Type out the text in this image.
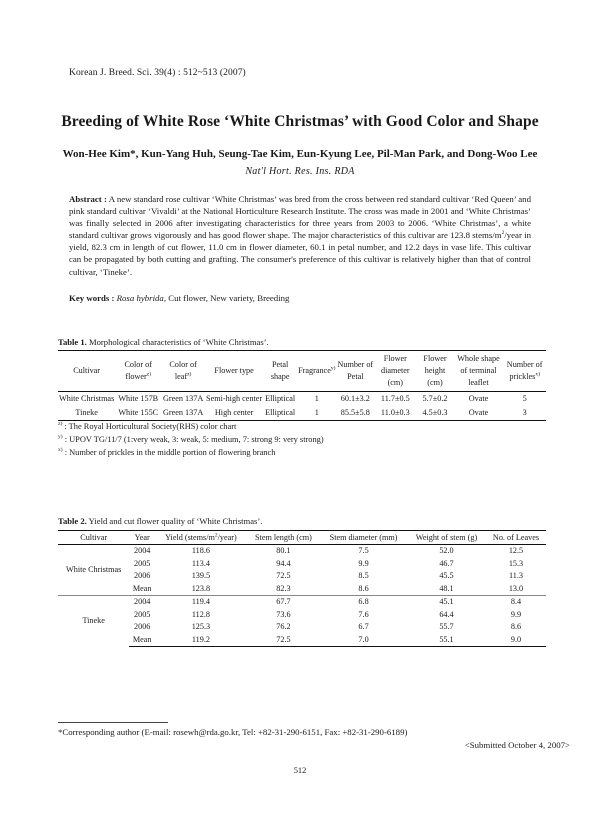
Korean J. Breed. Sci. 39(4) : 512~513 (2007)
Breeding of White Rose ‘White Christmas’ with Good Color and Shape
Won-Hee Kim*, Kun-Yang Huh, Seung-Tae Kim, Eun-Kyung Lee, Pil-Man Park, and Dong-Woo Lee
Nat'l Hort. Res. Ins. RDA
Abstract : A new standard rose cultivar ‘White Christmas’ was bred from the cross between red standard cultivar ‘Red Queen’ and pink standard cultivar ‘Vivaldi’ at the National Horticulture Research Institute. The cross was made in 2001 and ‘White Christmas’ was finally selected in 2006 after investigating characteristics for three years from 2003 to 2006. ‘White Christmas’, a white standard cultivar grows vigorously and has good flower shape. The major characteristics of this cultivar are 123.8 stems/$m^2$/year in yield, 82.3 cm in length of cut flower, 11.0 cm in flower diameter, 60.1 in petal number, and 12.2 days in vase life. This cultivar can be propagated by both cutting and grafting. The consumer's preference of this cultivar is relatively higher than that of control cultivar, ‘Tineke’.
Key words : Rosa hybrida, Cut flower, New variety, Breeding
Table 1. Morphological characteristics of ‘White Christmas’.
Cultivar	Color of flower$^{z)}$	Color of leaf$^{z)}$	Flower type	Petal shape	Fragrance$^{y)}$	Number of Petal	Flower diameter (cm)	Flower height (cm)	Whole shape of terminal leaflet	Number of prickles$^{x)}$
White Christmas	White 157B	Green 137A	Semi-high center	Elliptical	1	60.1±3.2	11.7±0.5	5.7±0.2	Ovate	5
Tineke	White 155C	Green 137A	High center	Elliptical	1	85.5±5.8	11.0±0.3	4.5±0.3	Ovate	3
$^{z)}$ : The Royal Horticultural Society(RHS) color chart
$^{y)}$ : UPOV TG/11/7 (1:very weak, 3: weak, 5: medium, 7: strong 9: very strong)
$^{x)}$ : Number of prickles in the middle portion of flowering branch
Table 2. Yield and cut flower quality of ‘White Christmas’.
Cultivar	Year	Yield $(stems/m^2/year)$	Stem length (cm)	Stem diameter (mm)	Weight of stem (g)	No. of Leaves
White Christmas	2004	118.6	80.1	7.5	52.0	12.5
	2005	113.4	94.4	9.9	46.7	15.3
	2006	139.5	72.5	8.5	45.5	11.3
	Mean	123.8	82.3	8.6	48.1	13.0
Tineke	2004	119.4	67.7	6.8	45.1	8.4
	2005	112.8	73.6	7.6	64.4	9.9
	2006	125.3	76.2	6.7	55.7	8.6
	Mean	119.2	72.5	7.0	55.1	9.0
*Corresponding author (E-mail: rosewh@rda.go.kr, Tel: +82-31-290-6151, Fax: +82-31-290-6189)
<Submitted October 4, 2007>
512
